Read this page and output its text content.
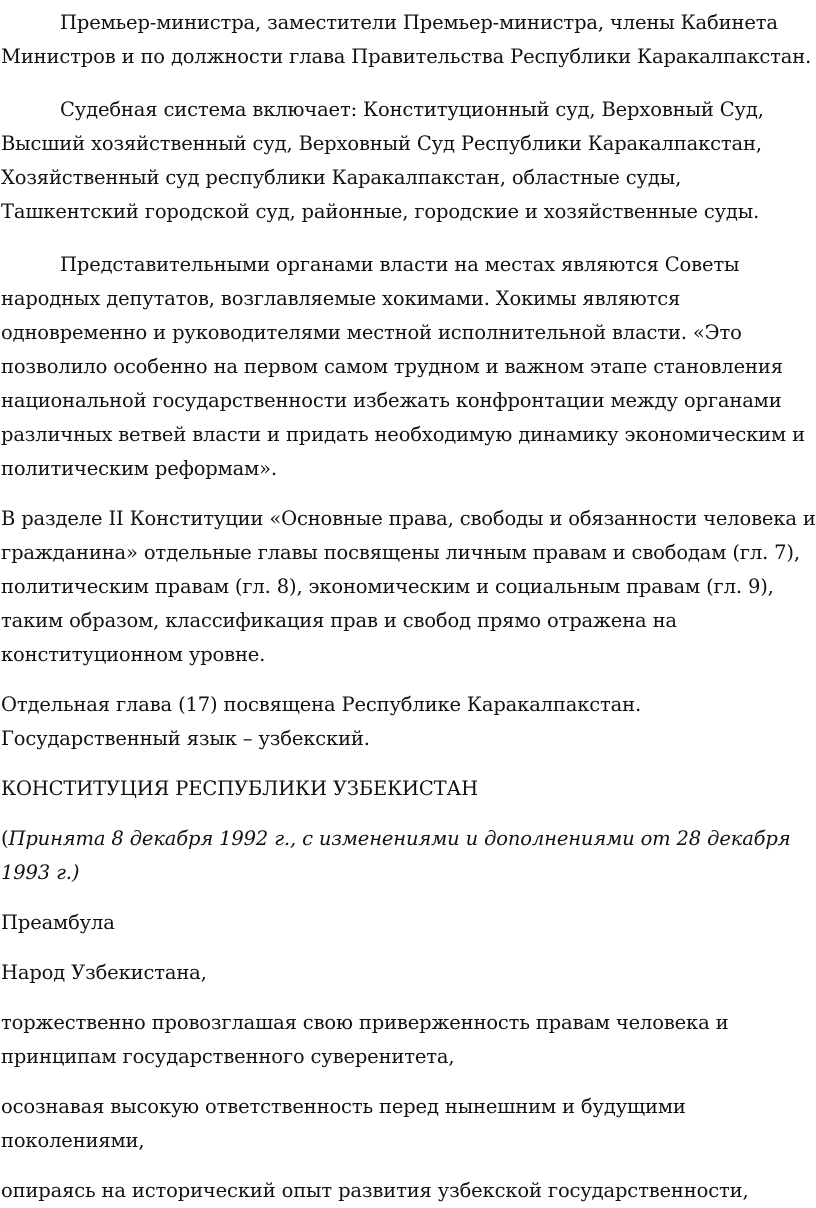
Премьер-министра, заместители Премьер-министра, члены Кабинета Министров и по должности глава Правительства Республики Каракалпакстан.

Судебная система включает: Конституционный суд, Верховный Суд, Высший хозяйственный суд, Верховный Суд Республики Каракалпакстан, Хозяйственный суд республики Каракалпакстан, областные суды, Ташкентский городской суд, районные, городские и хозяйственные суды.

Представительными органами власти на местах являются Советы народных депутатов, возглавляемые хокимами. Хокимы являются одновременно и руководителями местной исполнительной власти. «Это позволило особенно на первом самом трудном и важном этапе становления национальной государственности избежать конфронтации между органами различных ветвей власти и придать необходимую динамику экономическим и политическим реформам».

В разделе II Конституции «Основные права, свободы и обязанности человека и гражданина» отдельные главы посвящены личным правам и свободам (гл. 7), политическим правам (гл. 8), экономическим и социальным правам (гл. 9), таким образом, классификация прав и свобод прямо отражена на конституционном уровне.

Отдельная глава (17) посвящена Республике Каракалпакстан. Государственный язык – узбекский.

КОНСТИТУЦИЯ РЕСПУБЛИКИ УЗБЕКИСТАН

(Принята 8 декабря 1992 г., с изменениями и дополнениями от 28 декабря 1993 г.)

Преамбула

Народ Узбекистана,

торжественно провозглашая свою приверженность правам человека и принципам государственного суверенитета,

осознавая высокую ответственность перед нынешним и будущими поколениями,

опираясь на исторический опыт развития узбекской государственности,
